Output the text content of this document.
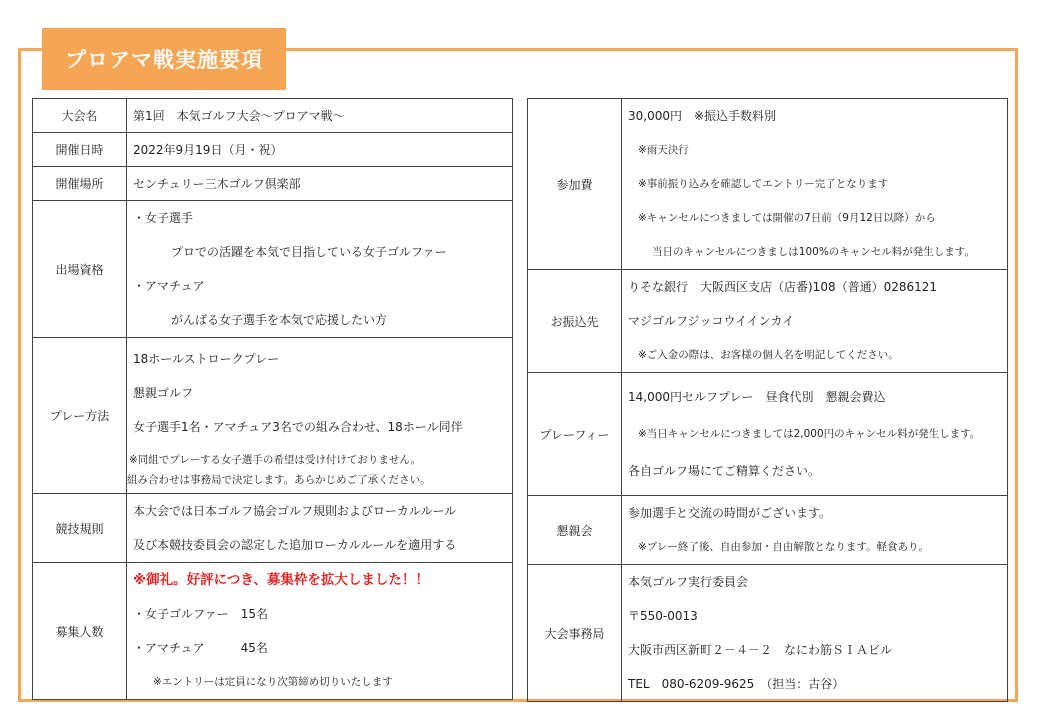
プロアマ戦実施要項
大会名	第1回　本気ゴルフ大会～プロアマ戦～
開催日時	2022年9月19日（月・祝）
開催場所	センチュリー三木ゴルフ倶楽部
出場資格	・女子選手
プロでの活躍を本気で目指している女子ゴルファー
・アマチュア
がんばる女子選手を本気で応援したい方

プレー方法	18ホールストロークプレー
懇親ゴルフ
女子選手1名・アマチュア3名での組み合わせ、18ホール同伴
※同組でプレーする女子選手の希望は受け付けておりません。
組み合わせは事務局で決定します。あらかじめご了承ください。

競技規則	本大会では日本ゴルフ協会ゴルフ規則およびローカルルール
及び本競技委員会の認定した追加ローカルルールを適用する

募集人数	※御礼。好評につき、募集枠を拡大しました！！
・女子ゴルファー　15名
・アマチュア　　　45名
※エントリーは定員になり次第締め切りいたします
参加費	30,000円　※振込手数料別
※雨天決行
※事前振り込みを確認してエントリー完了となります
※キャンセルにつきましては開催の7日前（9月12日以降）から
当日のキャンセルにつきましは100%のキャンセル料が発生します。

お振込先	りそな銀行　大阪西区支店（店番)108（普通）0286121
マジゴルフジッコウイインカイ
※ご入金の際は、お客様の個人名を明記してください。

プレーフィー	14,000円セルフプレー　昼食代別　懇親会費込
※当日キャンセルにつきましては2,000円のキャンセル料が発生します。
各自ゴルフ場にてご精算ください。

懇親会	参加選手と交流の時間がございます。
※プレー終了後、自由参加・自由解散となります。軽食あり。

大会事務局	本気ゴルフ実行委員会
〒550-0013
大阪市西区新町２－４－２　なにわ筋ＳＩＡビル
TEL　080-6209-9625　（担当：古谷）
